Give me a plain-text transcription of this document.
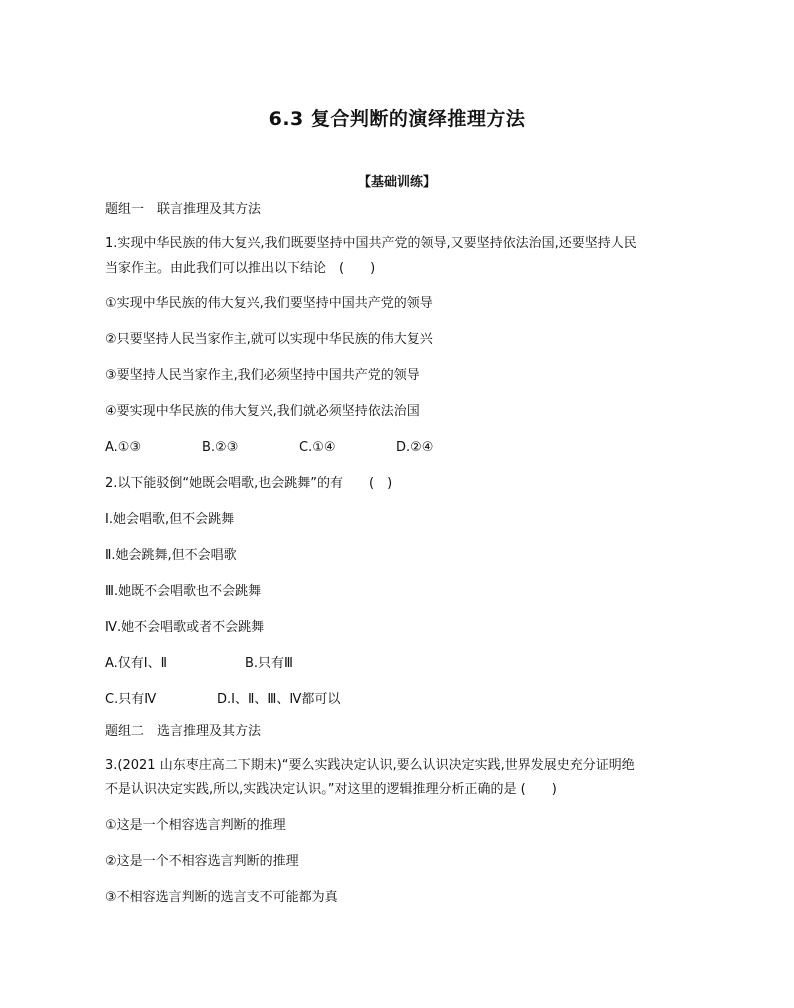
6.3 复合判断的演绎推理方法
【基础训练】
题组一　联言推理及其方法
1.实现中华民族的伟大复兴,我们既要坚持中国共产党的领导,又要坚持依法治国,还要坚持人民
当家作主。由此我们可以推出以下结论　(　　)
①实现中华民族的伟大复兴,我们要坚持中国共产党的领导
②只要坚持人民当家作主,就可以实现中华民族的伟大复兴
③要坚持人民当家作主,我们必须坚持中国共产党的领导
④要实现中华民族的伟大复兴,我们就必须坚持依法治国
A.①③	B.②③	C.①④	D.②④
2.以下能驳倒“她既会唱歌,也会跳舞”的有　　(　)
Ⅰ.她会唱歌,但不会跳舞
Ⅱ.她会跳舞,但不会唱歌
Ⅲ.她既不会唱歌也不会跳舞
Ⅳ.她不会唱歌或者不会跳舞
A.仅有Ⅰ、Ⅱ	B.只有Ⅲ
C.只有Ⅳ	D.Ⅰ、Ⅱ、Ⅲ、Ⅳ都可以
题组二　选言推理及其方法
3.(2021 山东枣庄高二下期末)“要么实践决定认识,要么认识决定实践,世界发展史充分证明绝
不是认识决定实践,所以,实践决定认识。”对这里的逻辑推理分析正确的是 (　　)
①这是一个相容选言判断的推理
②这是一个不相容选言判断的推理
③不相容选言判断的选言支不可能都为真
